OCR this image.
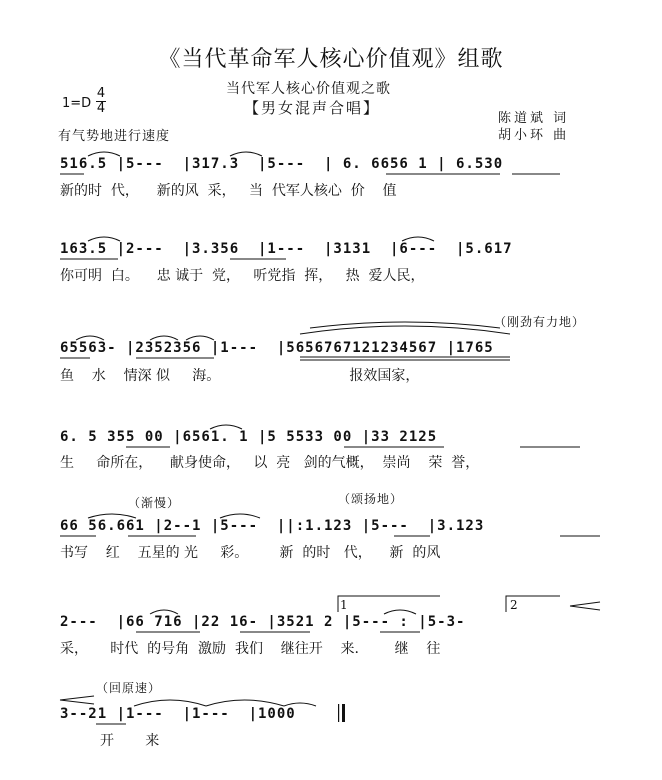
《当代革命军人核心价值观》组歌
当代军人核心价值观之歌
【男女混声合唱】
1=D
4
4
陈道斌 词
胡小环 曲
有气势地进行速度
（刚劲有力地）
（渐慢）	（颂扬地）
（回原速）
1	2
516.5 |5---  |317.3  |5---  | 6. 6656 1 | 6.530
新的时  代，    新的风  采，   当  代军人核心  价    值
163.5 |2---  |3.356  |1---  |3131  |6---  |5.617
你可明  白。    忠 诚于  党，   听党指  挥，   热  爱人民，
65563- |2352356 |1---  |5656767121234567 |1765
鱼    水    情深 似     海。                             报效国家，
6. 5 355 00 |6561. 1 |5 5533 00 |33 2125
生     命所在，    献身使命，   以  亮   剑的气概，  崇尚    荣  誉，
66 56.661 |2--1 |5---  ||:1.123 |5---  |3.123
书写    红    五星的 光     彩。       新  的时   代，    新  的风
2---  |66 716 |22 16- |3521 2 |5--- : |5-3-
采，     时代  的号角  激励  我们    继往开    来.        继    往
3--21 |1---  |1---  |1000
开       来
